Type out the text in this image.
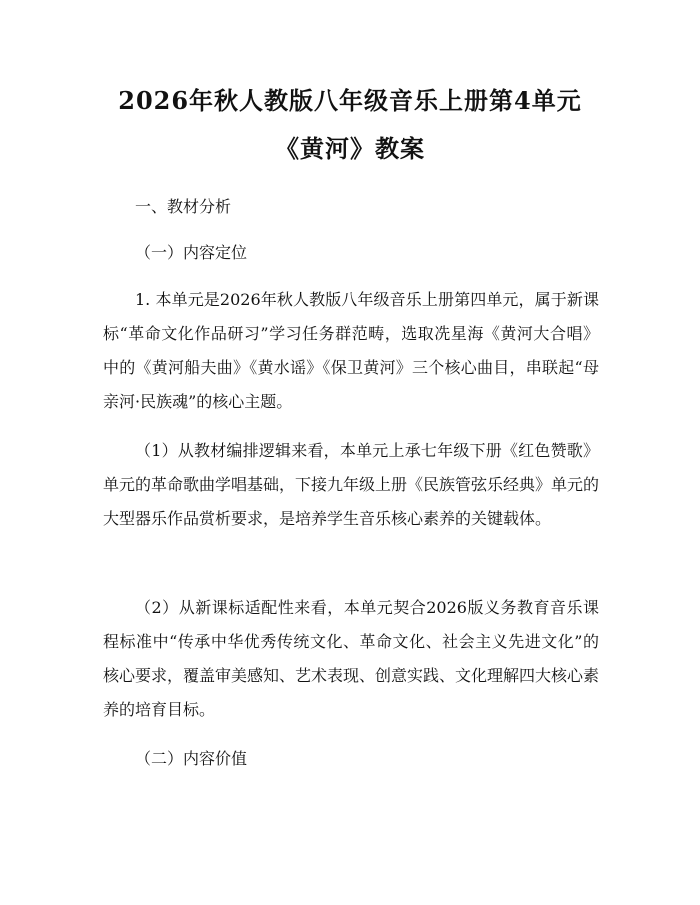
2026年秋人教版八年级音乐上册第4单元
《黄河》教案

一、教材分析

（一）内容定位

1. 本单元是2026年秋人教版八年级音乐上册第四单元，属于新课标“革命文化作品研习”学习任务群范畴，选取冼星海《黄河大合唱》中的《黄河船夫曲》《黄水谣》《保卫黄河》三个核心曲目，串联起“母亲河·民族魂”的核心主题。

（1）从教材编排逻辑来看，本单元上承七年级下册《红色赞歌》单元的革命歌曲学唱基础，下接九年级上册《民族管弦乐经典》单元的大型器乐作品赏析要求，是培养学生音乐核心素养的关键载体。

（2）从新课标适配性来看，本单元契合2026版义务教育音乐课程标准中“传承中华优秀传统文化、革命文化、社会主义先进文化”的核心要求，覆盖审美感知、艺术表现、创意实践、文化理解四大核心素养的培育目标。

（二）内容价值
